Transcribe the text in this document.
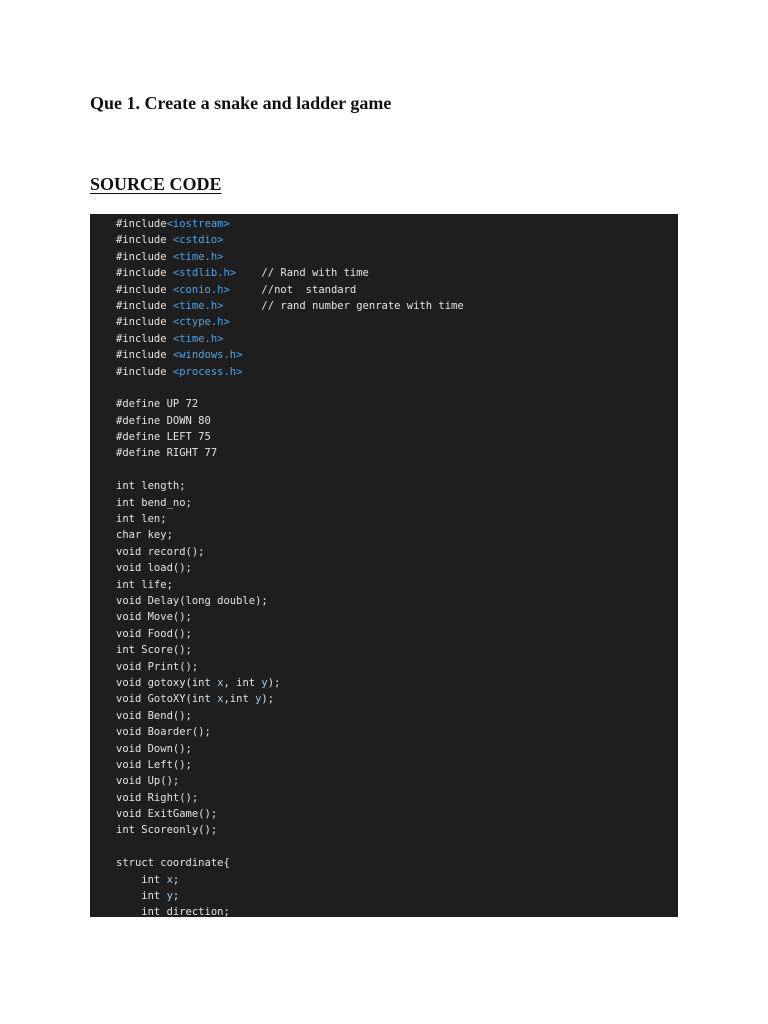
Que 1. Create a snake and ladder game
SOURCE CODE
#include<iostream>
#include <cstdio>
#include <time.h>
#include <stdlib.h>    // Rand with time
#include <conio.h>     //not  standard
#include <time.h>      // rand number genrate with time
#include <ctype.h>
#include <time.h>
#include <windows.h>
#include <process.h>

#define UP 72
#define DOWN 80
#define LEFT 75
#define RIGHT 77

int length;
int bend_no;
int len;
char key;
void record();
void load();
int life;
void Delay(long double);
void Move();
void Food();
int Score();
void Print();
void gotoxy(int x, int y);
void GotoXY(int x,int y);
void Bend();
void Boarder();
void Down();
void Left();
void Up();
void Right();
void ExitGame();
int Scoreonly();

struct coordinate{
int x;
int y;
int direction;
